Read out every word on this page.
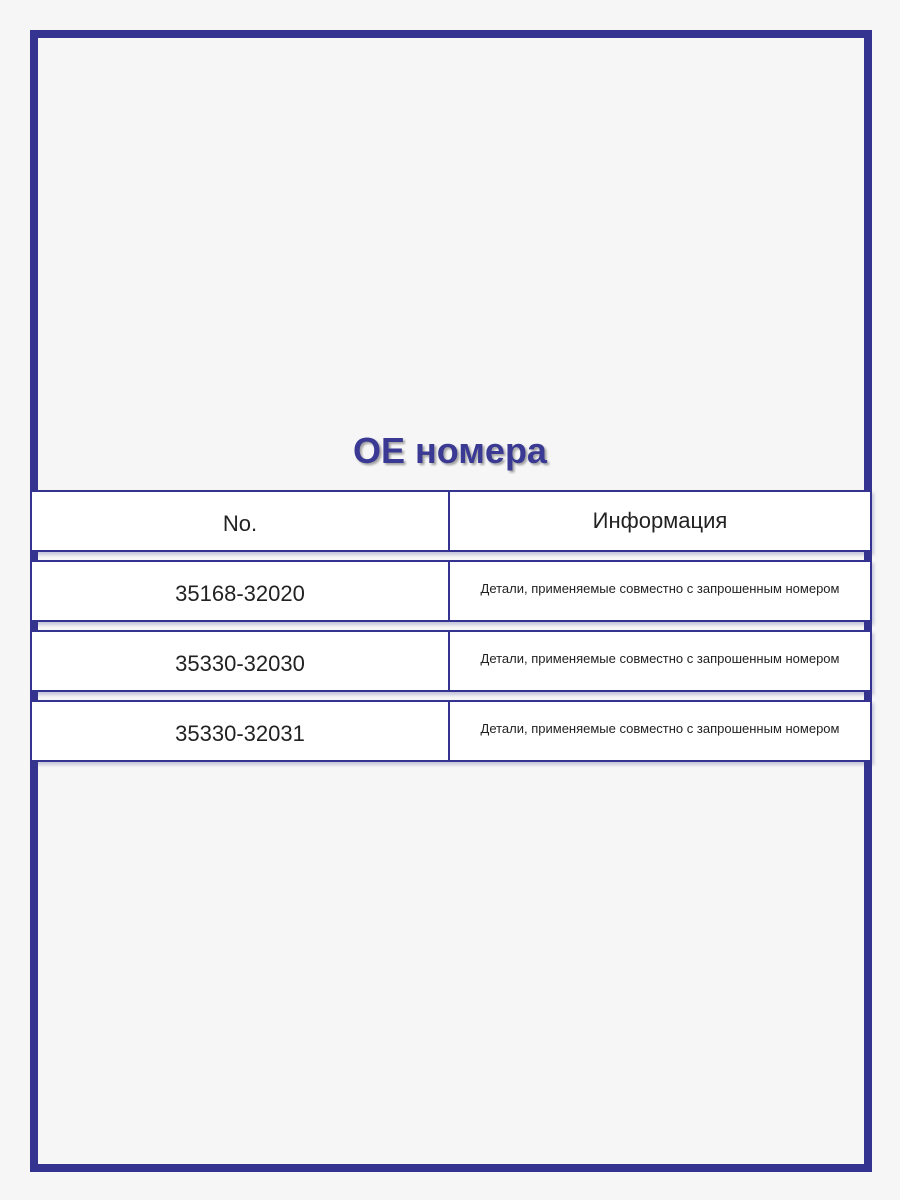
OE номера
No.	Информация
35168-32020	Детали, применяемые совместно с запрошенным номером
35330-32030	Детали, применяемые совместно с запрошенным номером
35330-32031	Детали, применяемые совместно с запрошенным номером
